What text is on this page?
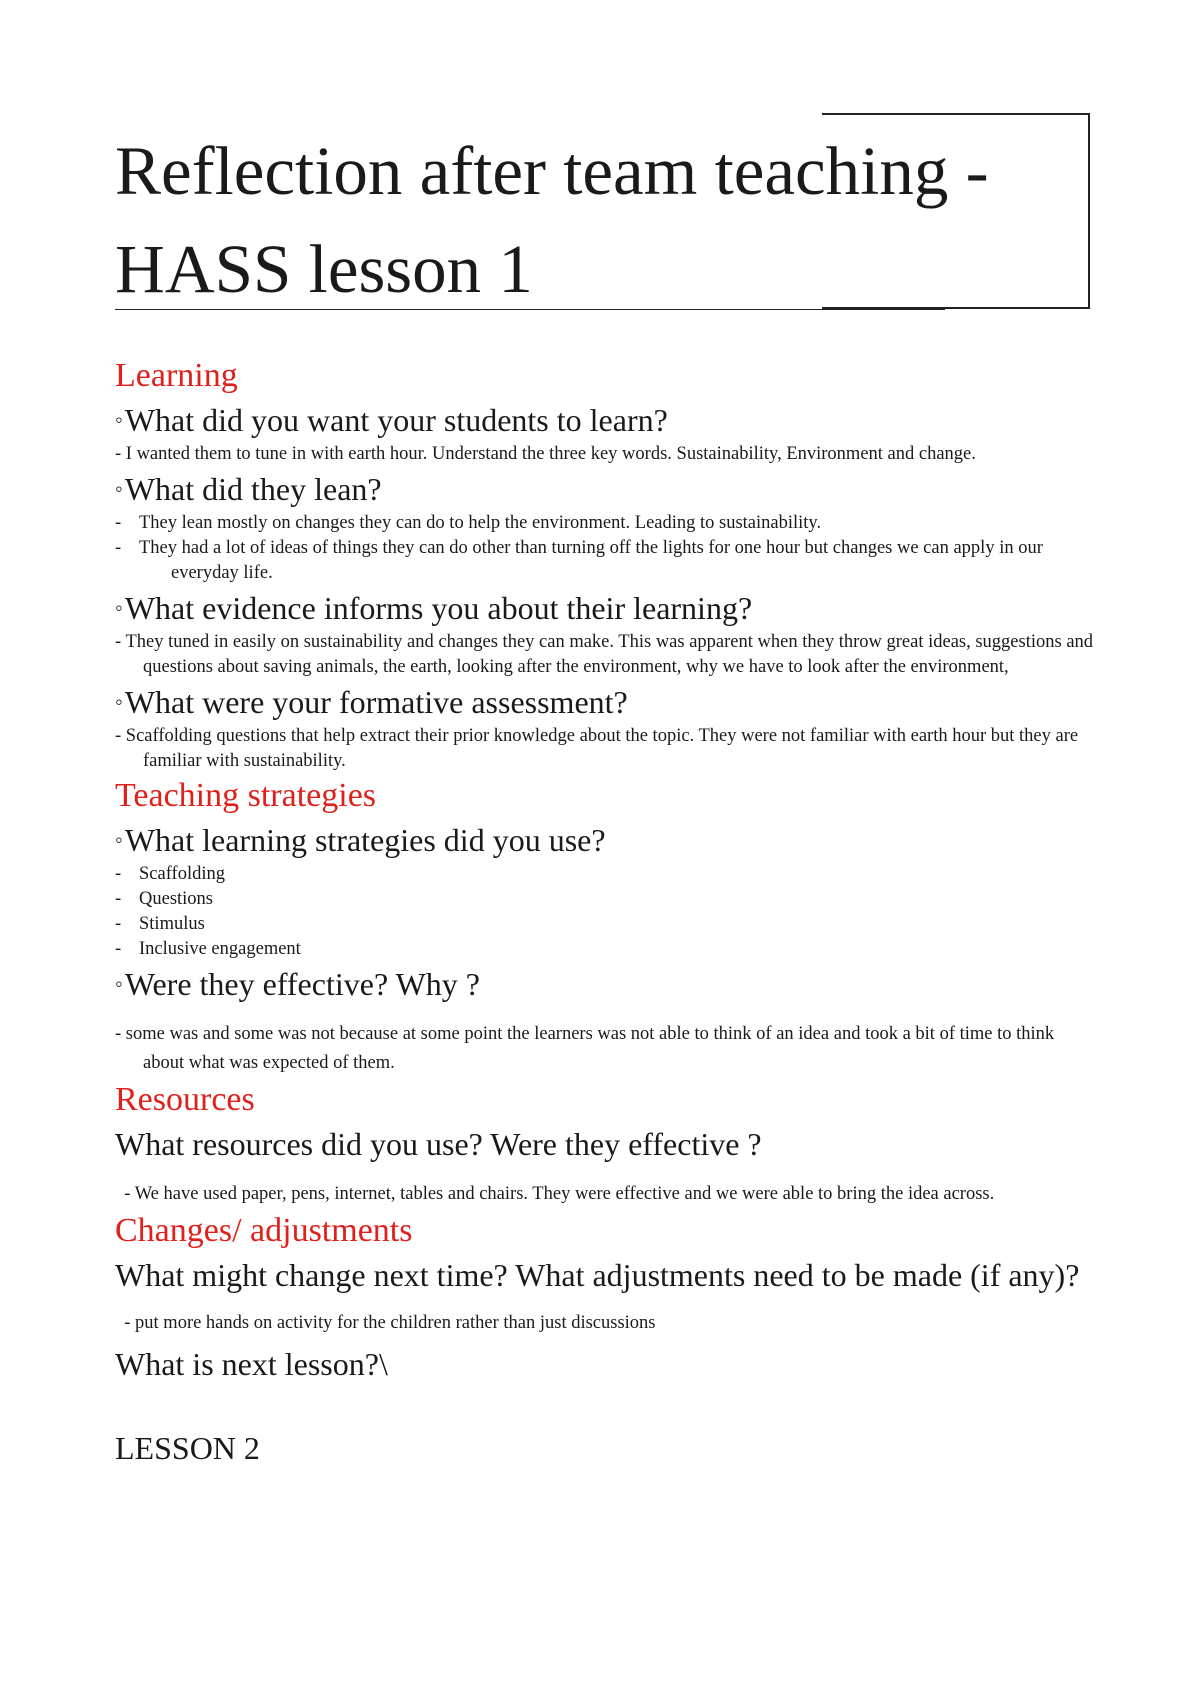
Reflection after team teaching - HASS lesson 1
Learning

◦What did you want your students to learn?

- I wanted them to tune in with earth hour. Understand the three key words. Sustainability, Environment and change.

◦What did they lean?

- They lean mostly on changes they can do to help the environment. Leading to sustainability.

- They had a lot of ideas of things they can do other than turning off the lights for one hour but changes we can apply in our everyday life.

◦What evidence informs you about their learning?

- They tuned in easily on sustainability and changes they can make. This was apparent when they throw great ideas, suggestions and questions about saving animals, the earth, looking after the environment, why we have to look after the environment,

◦What were your formative assessment?

- Scaffolding questions that help extract their prior knowledge about the topic. They were not familiar with earth hour but they are familiar with sustainability.

Teaching strategies

◦What learning strategies did you use?

- Scaffolding

- Questions

- Stimulus

- Inclusive engagement

◦Were they effective? Why ?

- some was and some was not because at some point the learners was not able to think of an idea and took a bit of time to think about what was expected of them.

Resources

What resources did you use? Were they effective ?

- We have used paper, pens, internet, tables and chairs. They were effective and we were able to bring the idea across.

Changes/ adjustments

What might change next time? What adjustments need to be made (if any)?

- put more hands on activity for the children rather than just discussions

What is next lesson?\

LESSON 2
